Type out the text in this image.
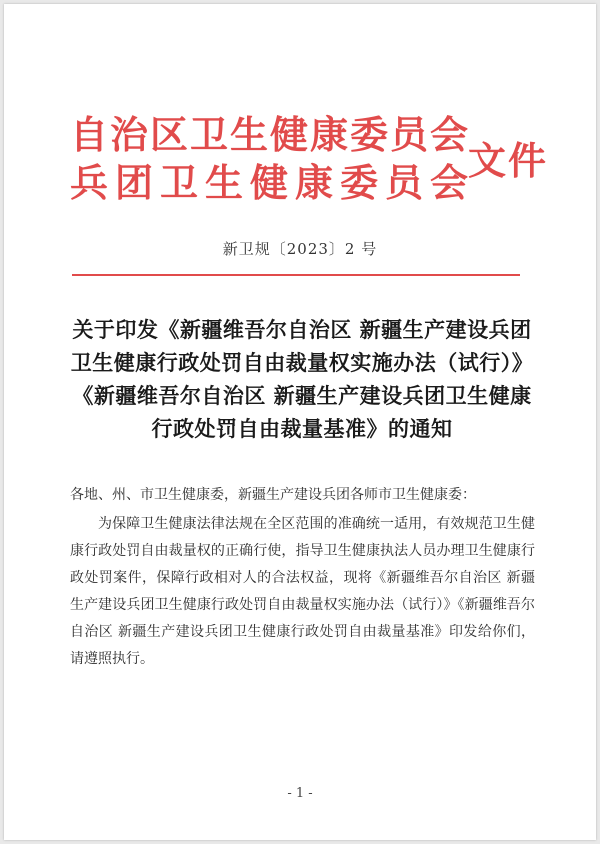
自治区卫生健康委员会
兵团卫生健康委员会
文件
新卫规〔2023〕2 号
关于印发《新疆维吾尔自治区 新疆生产建设兵团卫生健康行政处罚自由裁量权实施办法（试行）》《新疆维吾尔自治区 新疆生产建设兵团卫生健康行政处罚自由裁量基准》的通知
各地、州、市卫生健康委，新疆生产建设兵团各师市卫生健康委：
为保障卫生健康法律法规在全区范围的准确统一适用，有效规范卫生健康行政处罚自由裁量权的正确行使，指导卫生健康执法人员办理卫生健康行政处罚案件，保障行政相对人的合法权益，现将《新疆维吾尔自治区 新疆生产建设兵团卫生健康行政处罚自由裁量权实施办法（试行）》《新疆维吾尔自治区 新疆生产建设兵团卫生健康行政处罚自由裁量基准》印发给你们，请遵照执行。
- 1 -
